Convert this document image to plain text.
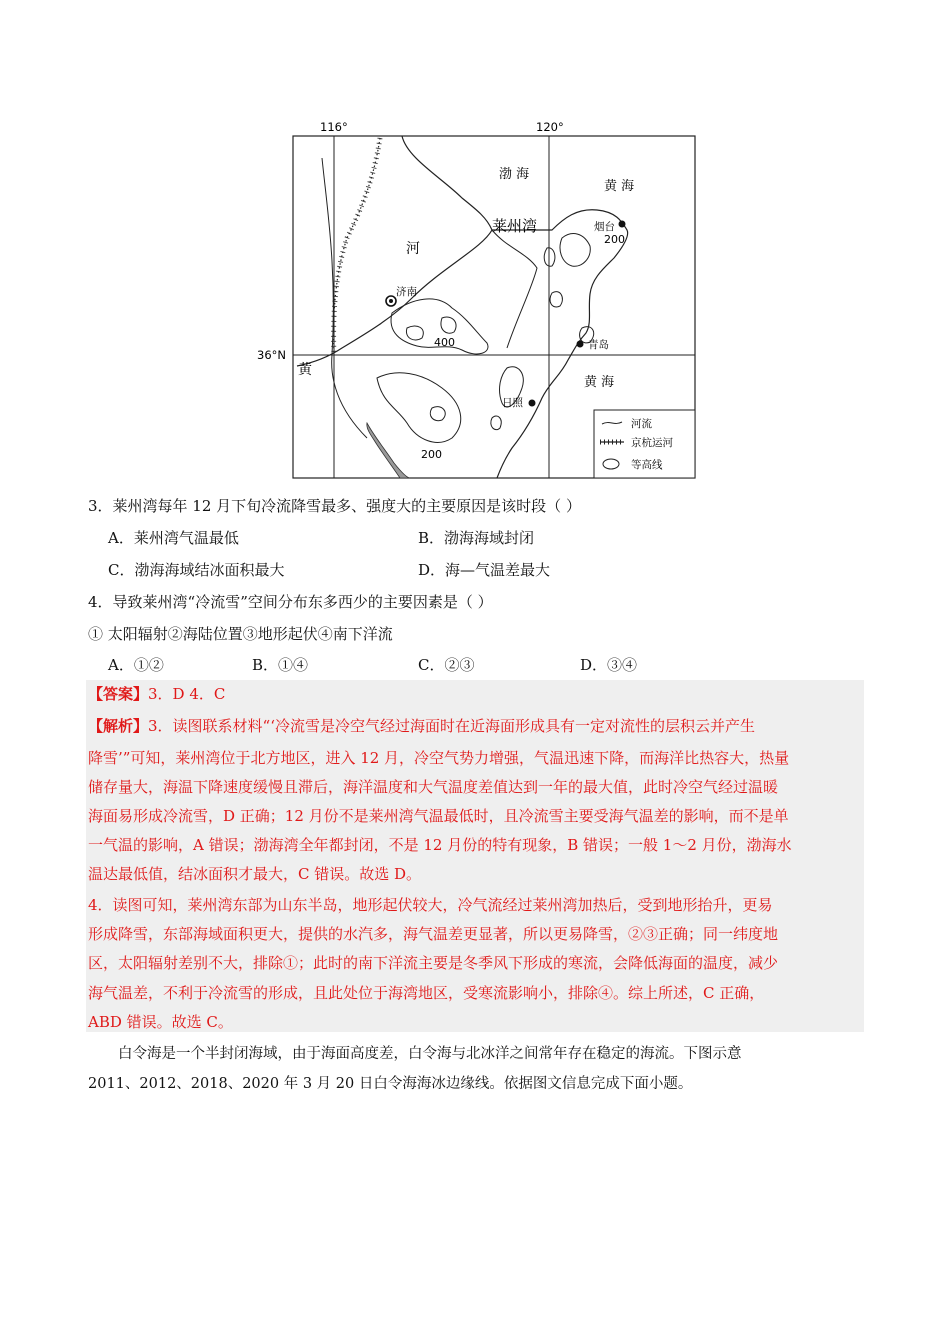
116°	120°
36°N
渤 海
黄 海
黄 海
莱州湾
河
黄
济南
烟台
青岛
日照
200
400
200
河流
京杭运河
等高线
3．莱州湾每年 12 月下旬冷流降雪最多、强度大的主要原因是该时段（ ）
A．莱州湾气温最低	B．渤海海域封闭
C．渤海海域结冰面积最大	D．海—气温差最大
4．导致莱州湾“冷流雪”空间分布东多西少的主要因素是（ ）
① 太阳辐射②海陆位置③地形起伏④南下洋流
A．①②	B．①④	C．②③	D．③④
【答案】3．D 4．C
【解析】3．读图联系材料“‘冷流雪是冷空气经过海面时在近海面形成具有一定对流性的层积云并产生
降雪’”可知，莱州湾位于北方地区，进入 12 月，冷空气势力增强，气温迅速下降，而海洋比热容大，热量
储存量大，海温下降速度缓慢且滞后，海洋温度和大气温度差值达到一年的最大值，此时冷空气经过温暖
海面易形成冷流雪，D 正确；12 月份不是莱州湾气温最低时，且冷流雪主要受海气温差的影响，而不是单
一气温的影响，A 错误；渤海湾全年都封闭，不是 12 月份的特有现象，B 错误；一般 1～2 月份，渤海水
温达最低值，结冰面积才最大，C 错误。故选 D。
4．读图可知，莱州湾东部为山东半岛，地形起伏较大，冷气流经过莱州湾加热后，受到地形抬升，更易
形成降雪，东部海域面积更大，提供的水汽多，海气温差更显著，所以更易降雪，②③正确；同一纬度地
区，太阳辐射差别不大，排除①；此时的南下洋流主要是冬季风下形成的寒流，会降低海面的温度，减少
海气温差，不利于冷流雪的形成，且此处位于海湾地区，受寒流影响小，排除④。综上所述，C 正确，
ABD 错误。故选 C。
白令海是一个半封闭海域，由于海面高度差，白令海与北冰洋之间常年存在稳定的海流。下图示意
2011、2012、2018、2020 年 3 月 20 日白令海海冰边缘线。依据图文信息完成下面小题。
